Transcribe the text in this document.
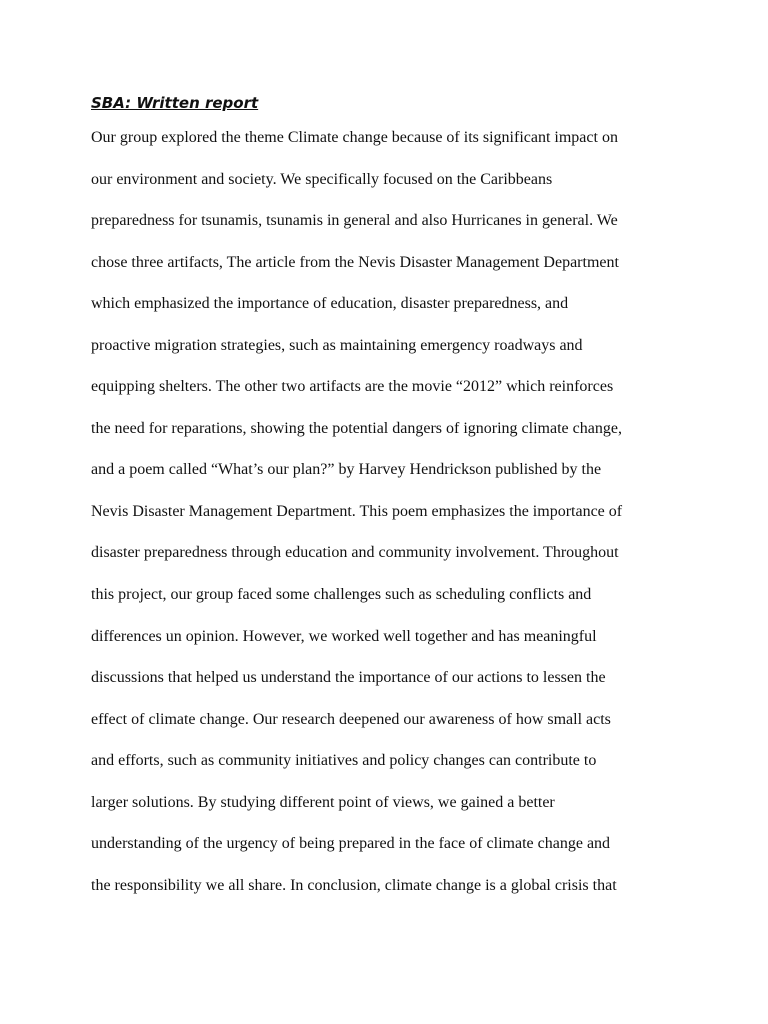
SBA: Written report
Our group explored the theme Climate change because of its significant impact on
our environment and society. We specifically focused on the Caribbeans
preparedness for tsunamis, tsunamis in general and also Hurricanes in general. We
chose three artifacts, The article from the Nevis Disaster Management Department
which emphasized the importance of education, disaster preparedness, and
proactive migration strategies, such as maintaining emergency roadways and
equipping shelters. The other two artifacts are the movie “2012” which reinforces
the need for reparations, showing the potential dangers of ignoring climate change,
and a poem called “What’s our plan?” by Harvey Hendrickson published by the
Nevis Disaster Management Department. This poem emphasizes the importance of
disaster preparedness through education and community involvement. Throughout
this project, our group faced some challenges such as scheduling conflicts and
differences un opinion. However, we worked well together and has meaningful
discussions that helped us understand the importance of our actions to lessen the
effect of climate change. Our research deepened our awareness of how small acts
and efforts, such as community initiatives and policy changes can contribute to
larger solutions. By studying different point of views, we gained a better
understanding of the urgency of being prepared in the face of climate change and
the responsibility we all share. In conclusion, climate change is a global crisis that
